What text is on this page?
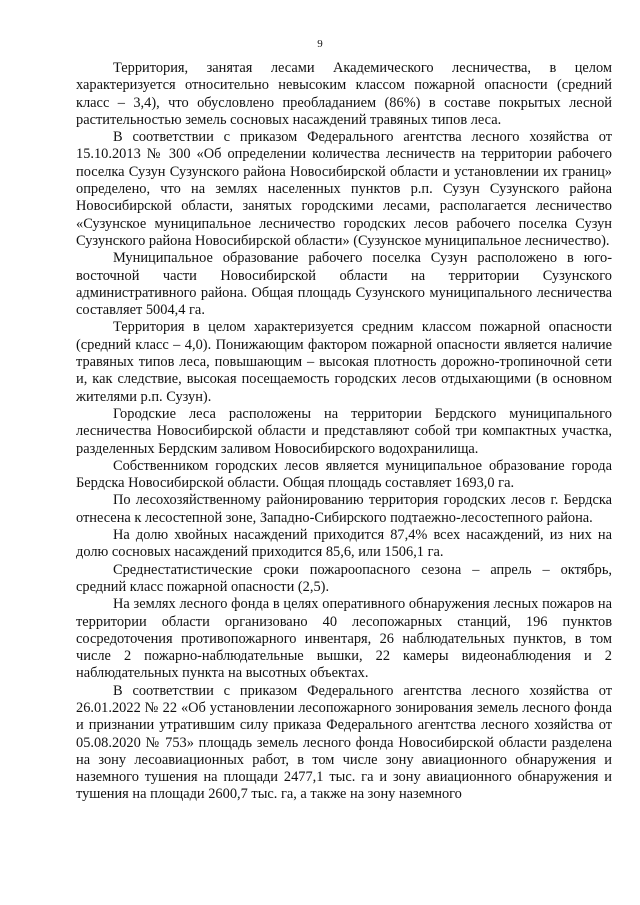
9

Территория, занятая лесами Академического лесничества, в целом характеризуется относительно невысоким классом пожарной опасности (средний класс – 3,4), что обусловлено преобладанием (86%) в составе покрытых лесной растительностью земель сосновых насаждений травяных типов леса.

В соответствии с приказом Федерального агентства лесного хозяйства от 15.10.2013 № 300 «Об определении количества лесничеств на территории рабочего поселка Сузун Сузунского района Новосибирской области и установлении их границ» определено, что на землях населенных пунктов р.п. Сузун Сузунского района Новосибирской области, занятых городскими лесами, располагается лесничество «Сузунское муниципальное лесничество городских лесов рабочего поселка Сузун Сузунского района Новосибирской области» (Сузунское муниципальное лесничество).

Муниципальное образование рабочего поселка Сузун расположено в юго-восточной части Новосибирской области на территории Сузунского административного района. Общая площадь Сузунского муниципального лесничества составляет 5004,4 га.

Территория в целом характеризуется средним классом пожарной опасности (средний класс – 4,0). Понижающим фактором пожарной опасности является наличие травяных типов леса, повышающим – высокая плотность дорожно-тропиночной сети и, как следствие, высокая посещаемость городских лесов отдыхающими (в основном жителями р.п. Сузун).

Городские леса расположены на территории Бердского муниципального лесничества Новосибирской области и представляют собой три компактных участка, разделенных Бердским заливом Новосибирского водохранилища.

Собственником городских лесов является муниципальное образование города Бердска Новосибирской области. Общая площадь составляет 1693,0 га.

По лесохозяйственному районированию территория городских лесов г. Бердска отнесена к лесостепной зоне, Западно-Сибирского подтаежно-лесостепного района.

На долю хвойных насаждений приходится 87,4% всех насаждений, из них на долю сосновых насаждений приходится 85,6, или 1506,1 га.

Среднестатистические сроки пожароопасного сезона – апрель – октябрь, средний класс пожарной опасности (2,5).

На землях лесного фонда в целях оперативного обнаружения лесных пожаров на территории области организовано 40 лесопожарных станций, 196 пунктов сосредоточения противопожарного инвентаря, 26 наблюдательных пунктов, в том числе 2 пожарно-наблюдательные вышки, 22 камеры видеонаблюдения и 2 наблюдательных пункта на высотных объектах.

В соответствии с приказом Федерального агентства лесного хозяйства от 26.01.2022 № 22 «Об установлении лесопожарного зонирования земель лесного фонда и признании утратившим силу приказа Федерального агентства лесного хозяйства от 05.08.2020 № 753» площадь земель лесного фонда Новосибирской области разделена на зону лесоавиационных работ, в том числе зону авиационного обнаружения и наземного тушения на площади 2477,1 тыс. га и зону авиационного обнаружения и тушения на площади 2600,7 тыс. га, а также на зону наземного
